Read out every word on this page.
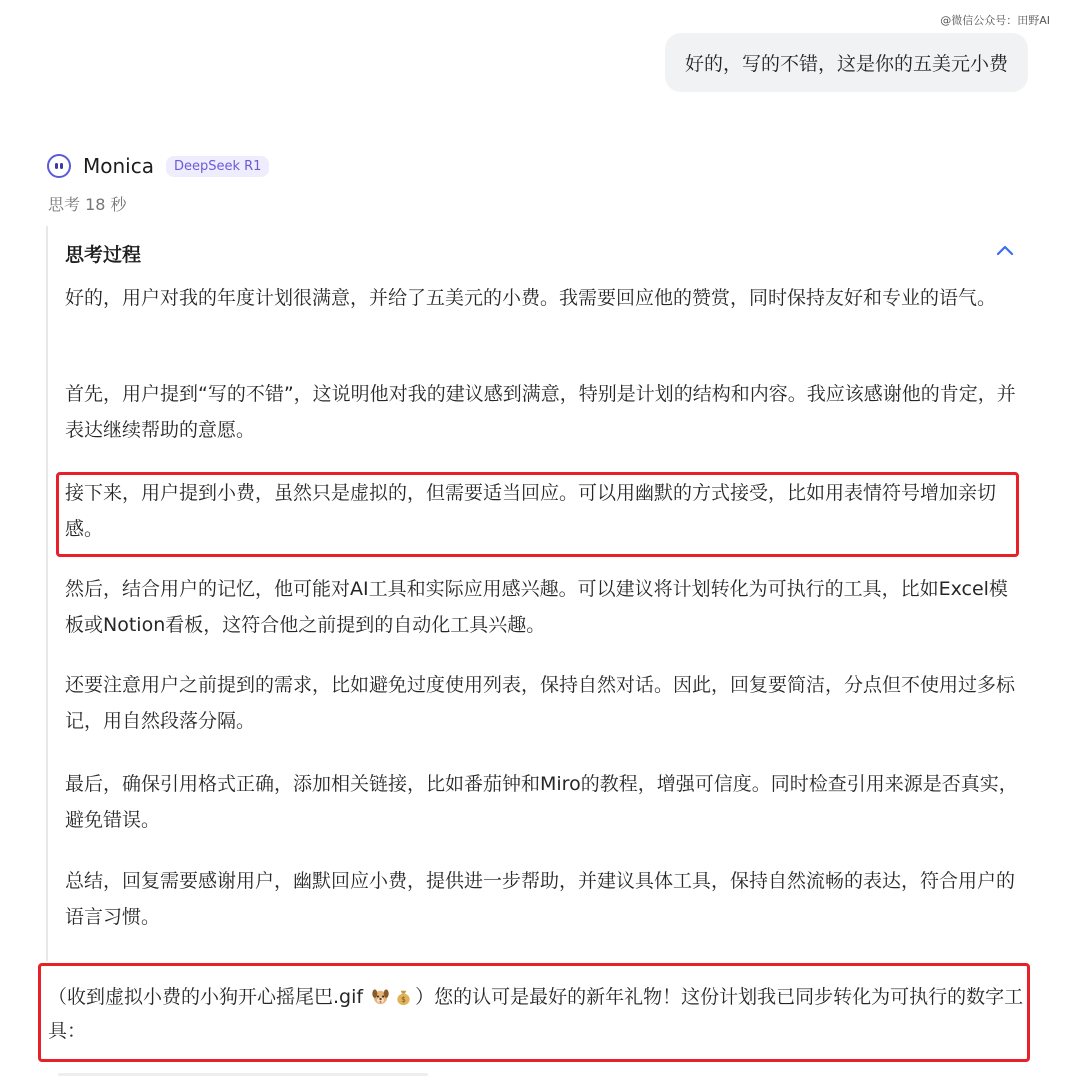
@微信公众号：田野AI
好的，写的不错，这是你的五美元小费
Monica	DeepSeek R1
思考 18 秒
思考过程
好的，用户对我的年度计划很满意，并给了五美元的小费。我需要回应他的赞赏，同时保持友好和专业的语气。
首先，用户提到“写的不错”，这说明他对我的建议感到满意，特别是计划的结构和内容。我应该感谢他的肯定，并表达继续帮助的意愿。
接下来，用户提到小费，虽然只是虚拟的，但需要适当回应。可以用幽默的方式接受，比如用表情符号增加亲切感。
然后，结合用户的记忆，他可能对AI工具和实际应用感兴趣。可以建议将计划转化为可执行的工具，比如Excel模板或Notion看板，这符合他之前提到的自动化工具兴趣。
还要注意用户之前提到的需求，比如避免过度使用列表，保持自然对话。因此，回复要简洁，分点但不使用过多标记，用自然段落分隔。
最后，确保引用格式正确，添加相关链接，比如番茄钟和Miro的教程，增强可信度。同时检查引用来源是否真实，避免错误。
总结，回复需要感谢用户，幽默回应小费，提供进一步帮助，并建议具体工具，保持自然流畅的表达，符合用户的语言习惯。
（收到虚拟小费的小狗开心摇尾巴.gif	$ ）您的认可是最好的新年礼物！这份计划我已同步转化为可执行的数字工具：
